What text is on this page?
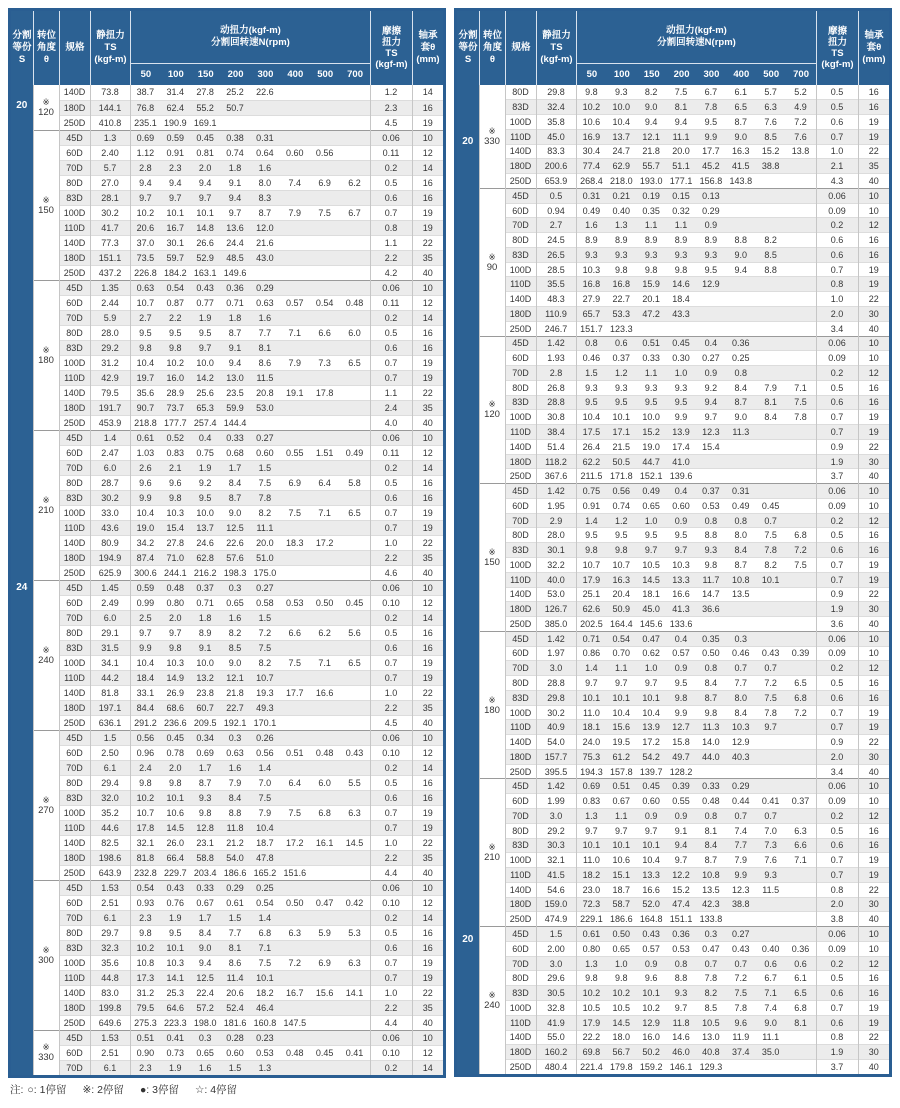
分割
等份
S
转位
角度
θ
规格
静扭力
TS
(kgf-m)
动扭力(kgf-m)
分割回转速N(rpm)
50	100	150	200	300	400	500	700
摩擦
扭力
TS
(kgf-m)
轴承
套θ
(mm)
20
24	※
120	140D	73.8	38.7 31.4 27.8 25.2 22.6	1.2	14
		180D	144.1	76.8 62.4 55.2 50.7	2.3	16
		250D	410.8	235.1 190.9 169.1	4.5	19

	※
150	45D	1.3	0.69 0.59 0.45 0.38 0.31	0.06	10
		60D	2.40	1.12 0.91 0.81 0.74 0.64 0.60 0.56	0.11	12
		70D	5.7	2.8 2.3 2.0 1.8 1.6	0.2	14
		80D	27.0	9.4 9.4 9.4 9.1 8.0 7.4 6.9 6.2	0.5	16
		83D	28.1	9.7 9.7 9.7 9.4 8.3	0.6	16
		100D	30.2	10.2 10.1 10.1 9.7 8.7 7.9 7.5 6.7	0.7	19
		110D	41.7	20.6 16.7 14.8 13.6 12.0	0.8	19
		140D	77.3	37.0 30.1 26.6 24.4 21.6	1.1	22
		180D	151.1	73.5 59.7 52.9 48.5 43.0	2.2	35
		250D	437.2	226.8 184.2 163.1 149.6	4.2	40

	※
180	45D	1.35	0.63 0.54 0.43 0.36 0.29	0.06	10
		60D	2.44	10.7 0.87 0.77 0.71 0.63 0.57 0.54 0.48	0.11	12
		70D	5.9	2.7 2.2 1.9 1.8 1.6	0.2	14
		80D	28.0	9.5 9.5 9.5 8.7 7.7 7.1 6.6 6.0	0.5	16
		83D	29.2	9.8 9.8 9.7 9.1 8.1	0.6	16
		100D	31.2	10.4 10.2 10.0 9.4 8.6 7.9 7.3 6.5	0.7	19
		110D	42.9	19.7 16.0 14.2 13.0 11.5	0.7	19
		140D	79.5	35.6 28.9 25.6 23.5 20.8 19.1 17.8	1.1	22
		180D	191.7	90.7 73.7 65.3 59.9 53.0	2.4	35
		250D	453.9	218.8 177.7 257.4 144.4	4.0	40

	※
210	45D	1.4	0.61 0.52 0.4 0.33 0.27	0.06	10
		60D	2.47	1.03 0.83 0.75 0.68 0.60 0.55 1.51 0.49	0.11	12
		70D	6.0	2.6 2.1 1.9 1.7 1.5	0.2	14
		80D	28.7	9.6 9.6 9.2 8.4 7.5 6.9 6.4 5.8	0.5	16
		83D	30.2	9.9 9.8 9.5 8.7 7.8	0.6	16
		100D	33.0	10.4 10.3 10.0 9.0 8.2 7.5 7.1 6.5	0.7	19
		110D	43.6	19.0 15.4 13.7 12.5 11.1	0.7	19
		140D	80.9	34.2 27.8 24.6 22.6 20.0 18.3 17.2	1.0	22
		180D	194.9	87.4 71.0 62.8 57.6 51.0	2.2	35
		250D	625.9	300.6 244.1 216.2 198.3 175.0	4.6	40

	※
240	45D	1.45	0.59 0.48 0.37 0.3 0.27	0.06	10
		60D	2.49	0.99 0.80 0.71 0.65 0.58 0.53 0.50 0.45	0.10	12
		70D	6.0	2.5 2.0 1.8 1.6 1.5	0.2	14
		80D	29.1	9.7 9.7 8.9 8.2 7.2 6.6 6.2 5.6	0.5	16
		83D	31.5	9.9 9.8 9.1 8.5 7.5	0.6	16
		100D	34.1	10.4 10.3 10.0 9.0 8.2 7.5 7.1 6.5	0.7	19
		110D	44.2	18.4 14.9 13.2 12.1 10.7	0.7	19
		140D	81.8	33.1 26.9 23.8 21.8 19.3 17.7 16.6	1.0	22
		180D	197.1	84.4 68.6 60.7 22.7 49.3	2.2	35
		250D	636.1	291.2 236.6 209.5 192.1 170.1	4.5	40

	※
270	45D	1.5	0.56 0.45 0.34 0.3 0.26	0.06	10
		60D	2.50	0.96 0.78 0.69 0.63 0.56 0.51 0.48 0.43	0.10	12
		70D	6.1	2.4 2.0 1.7 1.6 1.4	0.2	14
		80D	29.4	9.8 9.8 8.7 7.9 7.0 6.4 6.0 5.5	0.5	16
		83D	32.0	10.2 10.1 9.3 8.4 7.5	0.6	16
		100D	35.2	10.7 10.6 9.8 8.8 7.9 7.5 6.8 6.3	0.7	19
		110D	44.6	17.8 14.5 12.8 11.8 10.4	0.7	19
		140D	82.5	32.1 26.0 23.1 21.2 18.7 17.2 16.1 14.5	1.0	22
		180D	198.6	81.8 66.4 58.8 54.0 47.8	2.2	35
		250D	643.9	232.8 229.7 203.4 186.6 165.2 151.6	4.4	40

	※
300	45D	1.53	0.54 0.43 0.33 0.29 0.25	0.06	10
		60D	2.51	0.93 0.76 0.67 0.61 0.54 0.50 0.47 0.42	0.10	12
		70D	6.1	2.3 1.9 1.7 1.5 1.4	0.2	14
		80D	29.7	9.8 9.5 8.4 7.7 6.8 6.3 5.9 5.3	0.5	16
		83D	32.3	10.2 10.1 9.0 8.1 7.1	0.6	16
		100D	35.6	10.8 10.3 9.4 8.6 7.5 7.2 6.9 6.3	0.7	19
		110D	44.8	17.3 14.1 12.5 11.4 10.1	0.7	19
		140D	83.0	31.2 25.3 22.4 20.6 18.2 16.7 15.6 14.1	1.0	22
		180D	199.8	79.5 64.6 57.2 52.4 46.4	2.2	35
		250D	649.6	275.3 223.3 198.0 181.6 160.8 147.5	4.4	40

	※
330	45D	1.53	0.51 0.41 0.3 0.28 0.23	0.06	10
		60D	2.51	0.90 0.73 0.65 0.60 0.53 0.48 0.45 0.41	0.10	12
		70D	6.1	2.3 1.9 1.6 1.5 1.3	0.2	14
分割
等份
S
转位
角度
θ
规格
静扭力
TS
(kgf-m)
动扭力(kgf-m)
分割回转速N(rpm)
50	100	150	200	300	400	500	700
摩擦
扭力
TS
(kgf-m)
轴承
套θ
(mm)
20
20	※
330	80D	29.8	9.8 9.3 8.2 7.5 6.7 6.1 5.7 5.2	0.5	16
		83D	32.4	10.2 10.0 9.0 8.1 7.8 6.5 6.3 4.9	0.5	16
		100D	35.8	10.6 10.4 9.4 9.4 9.5 8.7 7.6 7.2	0.6	19
		110D	45.0	16.9 13.7 12.1 11.1 9.9 9.0 8.5 7.6	0.7	19
		140D	83.3	30.4 24.7 21.8 20.0 17.7 16.3 15.2 13.8	1.0	22
		180D	200.6	77.4 62.9 55.7 51.1 45.2 41.5 38.8	2.1	35
		250D	653.9	268.4 218.0 193.0 177.1 156.8 143.8	4.3	40

	※
90	45D	0.5	0.31 0.21 0.19 0.15 0.13	0.06	10
		60D	0.94	0.49 0.40 0.35 0.32 0.29	0.09	10
		70D	2.7	1.6 1.3 1.1 1.1 0.9	0.2	12
		80D	24.5	8.9 8.9 8.9 8.9 8.9 8.8 8.2	0.6	16
		83D	26.5	9.3 9.3 9.3 9.3 9.3 9.0 8.5	0.6	16
		100D	28.5	10.3 9.8 9.8 9.8 9.5 9.4 8.8	0.7	19
		110D	35.5	16.8 16.8 15.9 14.6 12.9	0.8	19
		140D	48.3	27.9 22.7 20.1 18.4	1.0	22
		180D	110.9	65.7 53.3 47.2 43.3	2.0	30
		250D	246.7	151.7 123.3	3.4	40

	※
120	45D	1.42	0.8 0.6 0.51 0.45 0.4 0.36	0.06	10
		60D	1.93	0.46 0.37 0.33 0.30 0.27 0.25	0.09	10
		70D	2.8	1.5 1.2 1.1 1.0 0.9 0.8	0.2	12
		80D	26.8	9.3 9.3 9.3 9.3 9.2 8.4 7.9 7.1	0.5	16
		83D	28.8	9.5 9.5 9.5 9.5 9.4 8.7 8.1 7.5	0.6	16
		100D	30.8	10.4 10.1 10.0 9.9 9.7 9.0 8.4 7.8	0.7	19
		110D	38.4	17.5 17.1 15.2 13.9 12.3 11.3	0.7	19
		140D	51.4	26.4 21.5 19.0 17.4 15.4	0.9	22
		180D	118.2	62.2 50.5 44.7 41.0	1.9	30
		250D	367.6	211.5 171.8 152.1 139.6	3.7	40

	※
150	45D	1.42	0.75 0.56 0.49 0.4 0.37 0.31	0.06	10
		60D	1.95	0.91 0.74 0.65 0.60 0.53 0.49 0.45	0.09	10
		70D	2.9	1.4 1.2 1.0 0.9 0.8 0.8 0.7	0.2	12
		80D	28.0	9.5 9.5 9.5 9.5 8.8 8.0 7.5 6.8	0.5	16
		83D	30.1	9.8 9.8 9.7 9.7 9.3 8.4 7.8 7.2	0.6	16
		100D	32.2	10.7 10.7 10.5 10.3 9.8 8.7 8.2 7.5	0.7	19
		110D	40.0	17.9 16.3 14.5 13.3 11.7 10.8 10.1	0.7	19
		140D	53.0	25.1 20.4 18.1 16.6 14.7 13.5	0.9	22
		180D	126.7	62.6 50.9 45.0 41.3 36.6	1.9	30
		250D	385.0	202.5 164.4 145.6 133.6	3.6	40

	※
180	45D	1.42	0.71 0.54 0.47 0.4 0.35 0.3	0.06	10
		60D	1.97	0.86 0.70 0.62 0.57 0.50 0.46 0.43 0.39	0.09	10
		70D	3.0	1.4 1.1 1.0 0.9 0.8 0.7 0.7	0.2	12
		80D	28.8	9.7 9.7 9.7 9.5 8.4 7.7 7.2 6.5	0.5	16
		83D	29.8	10.1 10.1 10.1 9.8 8.7 8.0 7.5 6.8	0.6	16
		100D	30.2	11.0 10.4 10.4 9.9 9.8 8.4 7.8 7.2	0.7	19
		110D	40.9	18.1 15.6 13.9 12.7 11.3 10.3 9.7	0.7	19
		140D	54.0	24.0 19.5 17.2 15.8 14.0 12.9	0.9	22
		180D	157.7	75.3 61.2 54.2 49.7 44.0 40.3	2.0	30
		250D	395.5	194.3 157.8 139.7 128.2	3.4	40

	※
210	45D	1.42	0.69 0.51 0.45 0.39 0.33 0.29	0.06	10
		60D	1.99	0.83 0.67 0.60 0.55 0.48 0.44 0.41 0.37	0.09	10
		70D	3.0	1.3 1.1 0.9 0.9 0.8 0.7 0.7	0.2	12
		80D	29.2	9.7 9.7 9.7 9.1 8.1 7.4 7.0 6.3	0.5	16
		83D	30.3	10.1 10.1 10.1 9.4 8.4 7.7 7.3 6.6	0.6	16
		100D	32.1	11.0 10.6 10.4 9.7 8.7 7.9 7.6 7.1	0.7	19
		110D	41.5	18.2 15.1 13.3 12.2 10.8 9.9 9.3	0.7	19
		140D	54.6	23.0 18.7 16.6 15.2 13.5 12.3 11.5	0.8	22
		180D	159.0	72.3 58.7 52.0 47.4 42.3 38.8	2.0	30
		250D	474.9	229.1 186.6 164.8 151.1 133.8	3.8	40

	※
240	45D	1.5	0.61 0.50 0.43 0.36 0.3 0.27	0.06	10
		60D	2.00	0.80 0.65 0.57 0.53 0.47 0.43 0.40 0.36	0.09	10
		70D	3.0	1.3 1.0 0.9 0.8 0.7 0.7 0.6 0.6	0.2	12
		80D	29.6	9.8 9.8 9.6 8.8 7.8 7.2 6.7 6.1	0.5	16
		83D	30.5	10.2 10.2 10.1 9.3 8.2 7.5 7.1 6.5	0.6	16
		100D	32.8	10.5 10.5 10.2 9.7 8.5 7.8 7.4 6.8	0.7	19
		110D	41.9	17.9 14.5 12.9 11.8 10.5 9.6 9.0 8.1	0.6	19
		140D	55.0	22.2 18.0 16.0 14.6 13.0 11.9 11.1	0.8	22
		180D	160.2	69.8 56.7 50.2 46.0 40.8 37.4 35.0	1.9	30
		250D	480.4	221.4 179.8 159.2 146.1 129.3	3.7	40
注: ○: 1停留 ※: 2停留 ●: 3停留 ☆: 4停留
